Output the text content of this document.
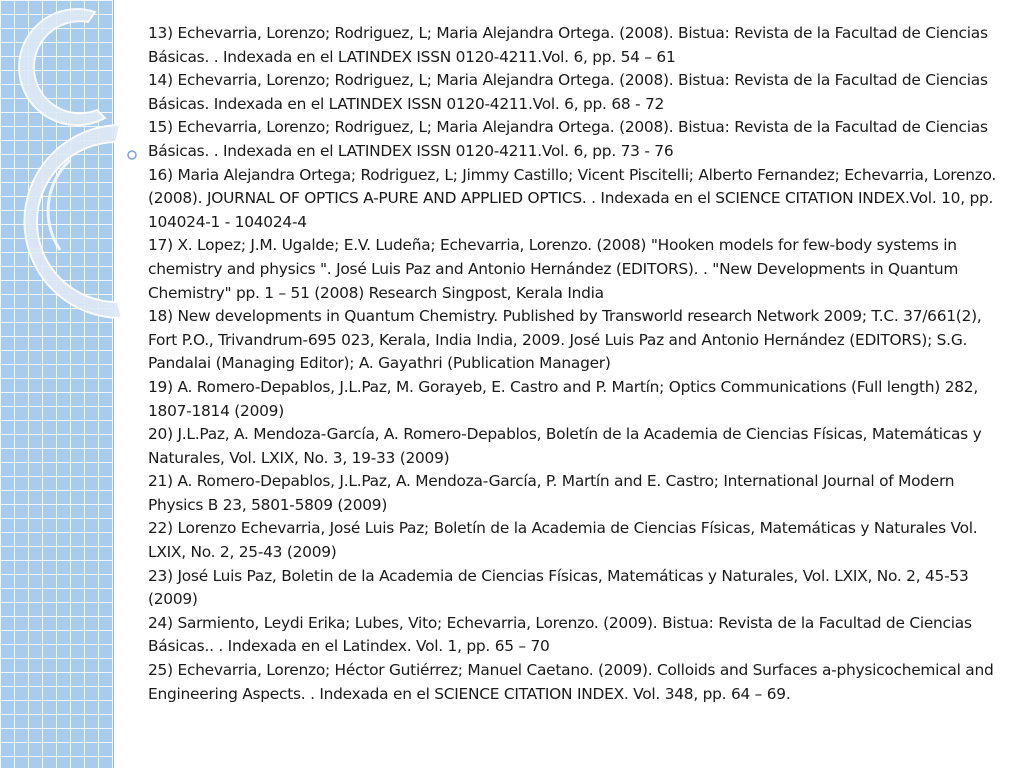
13) Echevarria, Lorenzo; Rodriguez, L; Maria Alejandra Ortega. (2008). Bistua: Revista de la Facultad de Ciencias Básicas. . Indexada en el LATINDEX ISSN 0120-4211.Vol. 6, pp. 54 – 61

14) Echevarria, Lorenzo; Rodriguez, L; Maria Alejandra Ortega. (2008). Bistua: Revista de la Facultad de Ciencias Básicas. Indexada en el LATINDEX ISSN 0120-4211.Vol. 6, pp. 68 - 72

15) Echevarria, Lorenzo; Rodriguez, L; Maria Alejandra Ortega. (2008). Bistua: Revista de la Facultad de Ciencias Básicas. . Indexada en el LATINDEX ISSN 0120-4211.Vol. 6, pp. 73 - 76

16) Maria Alejandra Ortega; Rodriguez, L; Jimmy Castillo; Vicent Piscitelli; Alberto Fernandez; Echevarria, Lorenzo. (2008). JOURNAL OF OPTICS A-PURE AND APPLIED OPTICS. . Indexada en el SCIENCE CITATION INDEX.Vol. 10, pp. 104024-1 - 104024-4

17) X. Lopez; J.M. Ugalde; E.V. Ludeña; Echevarria, Lorenzo. (2008) "Hooken models for few-body systems in chemistry and physics ". José Luis Paz and Antonio Hernández (EDITORS). . "New Developments in Quantum Chemistry" pp. 1 – 51 (2008) Research Singpost, Kerala India

18) New developments in Quantum Chemistry. Published by Transworld research Network 2009; T.C. 37/661(2), Fort P.O., Trivandrum-695 023, Kerala, India India, 2009. José Luis Paz and Antonio Hernández (EDITORS); S.G. Pandalai (Managing Editor); A. Gayathri (Publication Manager)

19) A. Romero-Depablos, J.L.Paz, M. Gorayeb, E. Castro and P. Martín; Optics Communications (Full length) 282, 1807-1814 (2009)

20) J.L.Paz, A. Mendoza-García, A. Romero-Depablos, Boletín de la Academia de Ciencias Físicas, Matemáticas y Naturales, Vol. LXIX, No. 3, 19-33 (2009)

21) A. Romero-Depablos, J.L.Paz, A. Mendoza-García, P. Martín and E. Castro; International Journal of Modern Physics B 23, 5801-5809 (2009)

22) Lorenzo Echevarria, José Luis Paz; Boletín de la Academia de Ciencias Físicas, Matemáticas y Naturales Vol. LXIX, No. 2, 25-43 (2009)

23) José Luis Paz, Boletin de la Academia de Ciencias Físicas, Matemáticas y Naturales, Vol. LXIX, No. 2, 45-53 (2009)

24) Sarmiento, Leydi Erika; Lubes, Vito; Echevarria, Lorenzo. (2009). Bistua: Revista de la Facultad de Ciencias Básicas.. . Indexada en el Latindex. Vol. 1, pp. 65 – 70

25) Echevarria, Lorenzo; Héctor Gutiérrez; Manuel Caetano. (2009). Colloids and Surfaces a-physicochemical and Engineering Aspects. . Indexada en el SCIENCE CITATION INDEX. Vol. 348, pp. 64 – 69.
